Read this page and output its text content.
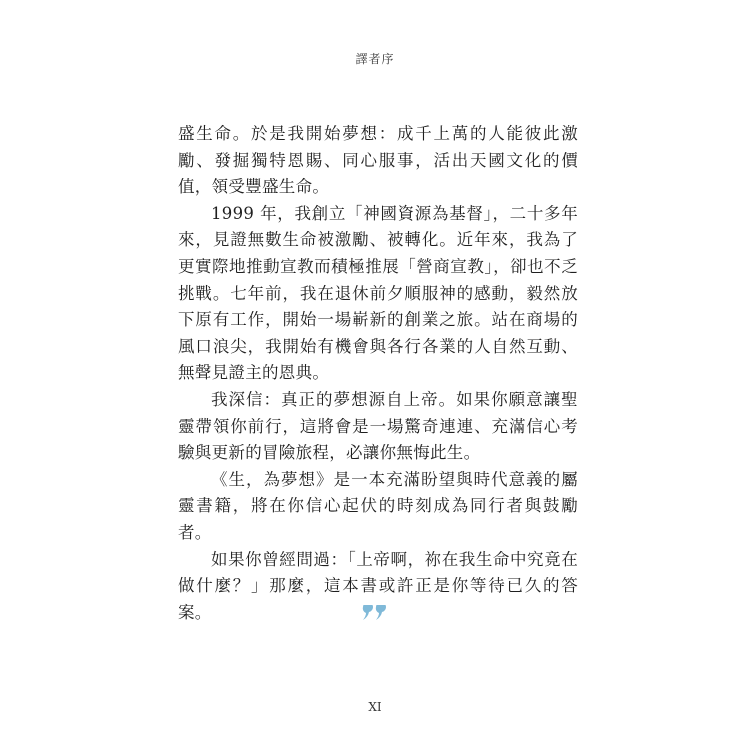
譯者序

盛生命。於是我開始夢想：成千上萬的人能彼此激勵、發掘獨特恩賜、同心服事，活出天國文化的價值，領受豐盛生命。

1999 年，我創立「神國資源為基督」，二十多年來，見證無數生命被激勵、被轉化。近年來，我為了更實際地推動宣教而積極推展「營商宣教」，卻也不乏挑戰。七年前，我在退休前夕順服神的感動，毅然放下原有工作，開始一場嶄新的創業之旅。站在商場的風口浪尖，我開始有機會與各行各業的人自然互動、無聲見證主的恩典。

我深信：真正的夢想源自上帝。如果你願意讓聖靈帶領你前行，這將會是一場驚奇連連、充滿信心考驗與更新的冒險旅程，必讓你無悔此生。

《生，為夢想》是一本充滿盼望與時代意義的屬靈書籍，將在你信心起伏的時刻成為同行者與鼓勵者。

如果你曾經問過：「上帝啊，祢在我生命中究竟在做什麼？」那麼，這本書或許正是你等待已久的答案。

XI
